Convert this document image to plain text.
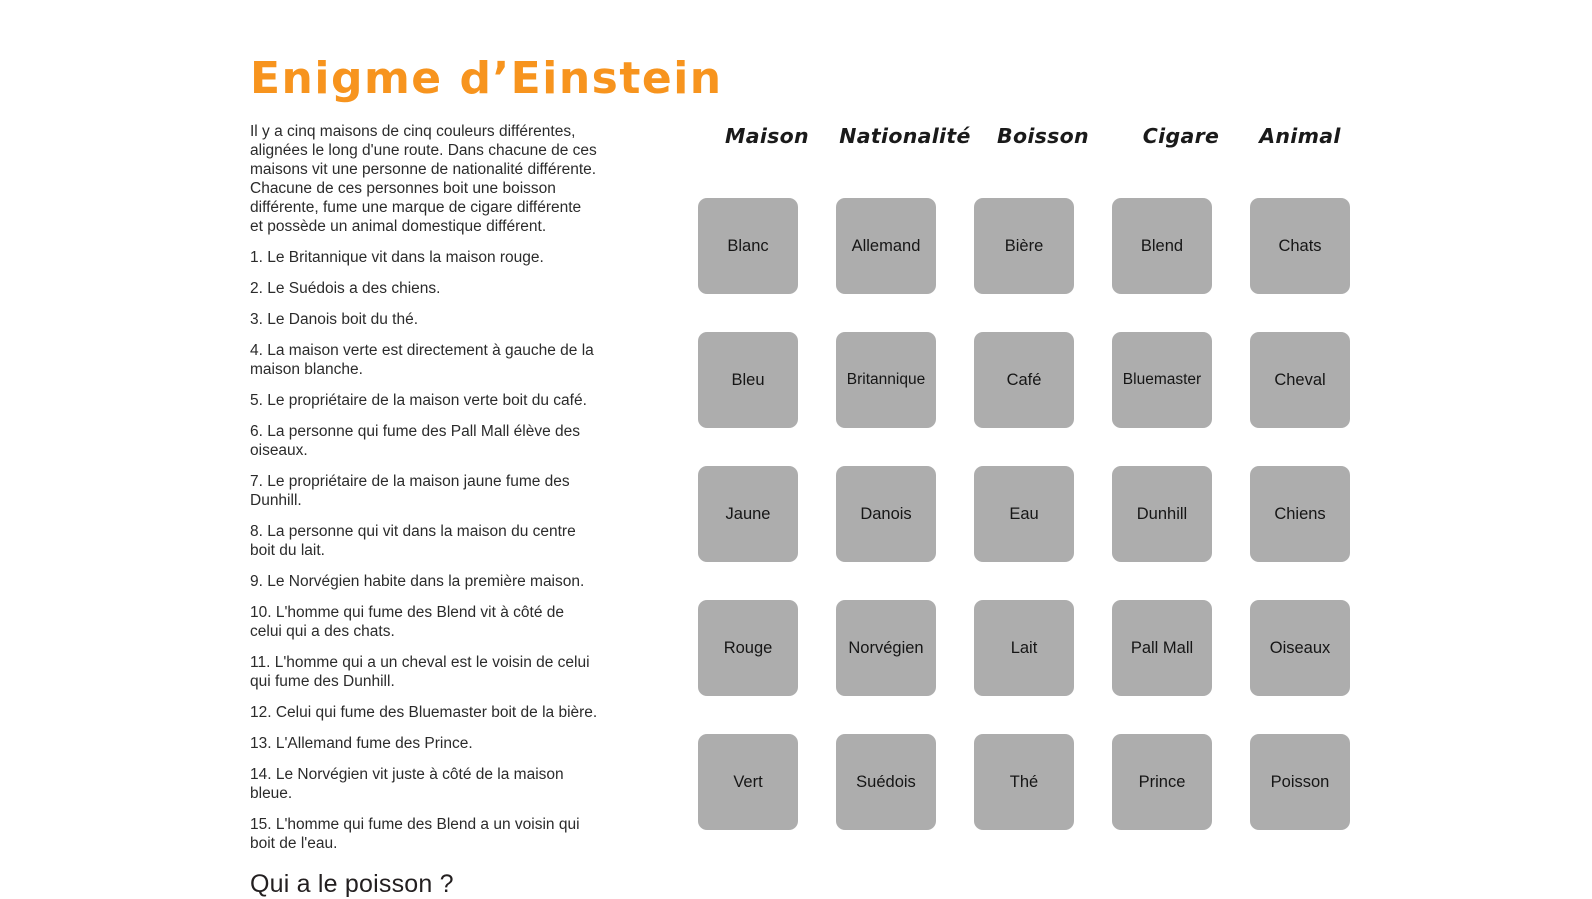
Enigme d’Einstein

Il y a cinq maisons de cinq couleurs différentes, alignées le long d'une route. Dans chacune de ces maisons vit une personne de nationalité différente. Chacune de ces personnes boit une boisson différente, fume une marque de cigare différente et possède un animal domestique différent.

1. Le Britannique vit dans la maison rouge.

2. Le Suédois a des chiens.

3. Le Danois boit du thé.

4. La maison verte est directement à gauche de la maison blanche.

5. Le propriétaire de la maison verte boit du café.

6. La personne qui fume des Pall Mall élève des oiseaux.

7. Le propriétaire de la maison jaune fume des Dunhill.

8. La personne qui vit dans la maison du centre boit du lait.

9. Le Norvégien habite dans la première maison.

10. L'homme qui fume des Blend vit à côté de celui qui a des chats.

11. L'homme qui a un cheval est le voisin de celui qui fume des Dunhill.

12. Celui qui fume des Bluemaster boit de la bière.

13. L'Allemand fume des Prince.

14. Le Norvégien vit juste à côté de la maison bleue.

15. L'homme qui fume des Blend a un voisin qui boit de l'eau.

Qui a le poisson ?

Maison	Nationalité	Boisson	Cigare	Animal
Blanc	Allemand	Bière	Blend	Chats
Bleu	Britannique	Café	Bluemaster	Cheval
Jaune	Danois	Eau	Dunhill	Chiens
Rouge	Norvégien	Lait	Pall Mall	Oiseaux
Vert	Suédois	Thé	Prince	Poisson
